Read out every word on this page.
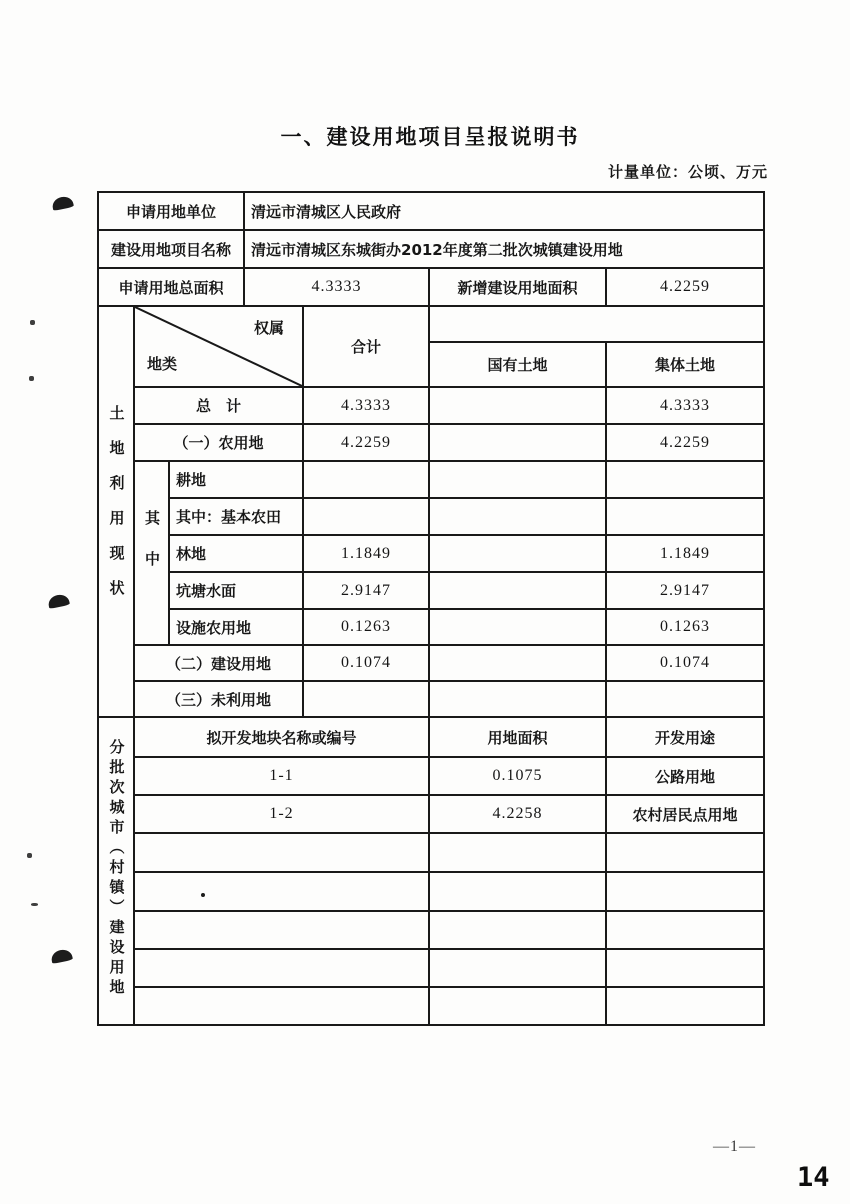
一、建设用地项目呈报说明书
计量单位：公顷、万元
申请用地单位	清远市清城区人民政府		
建设用地项目名称	清远市清城区东城街办2012年度第二批次城镇建设用地		
申请用地总面积	4.3333	新增建设用地面积	4.2259
土地利用现状	权属
地类		合计		
				国有土地	集体土地
	总　计		4.3333		4.3333
	（一）农用地		4.2259		4.2259
	其中	耕地			
		其中：基本农田			
		林地	1.1849		1.1849
		坑塘水面	2.9147		2.9147
		设施农用地	0.1263		0.1263
	（二）建设用地		0.1074		0.1074
	（三）未利用地				
分批次城市（村镇）建设用地	拟开发地块名称或编号	用地面积	开发用途
	1-1	0.1075	公路用地
	1-2	4.2258	农村居民点用地

—1—
14
